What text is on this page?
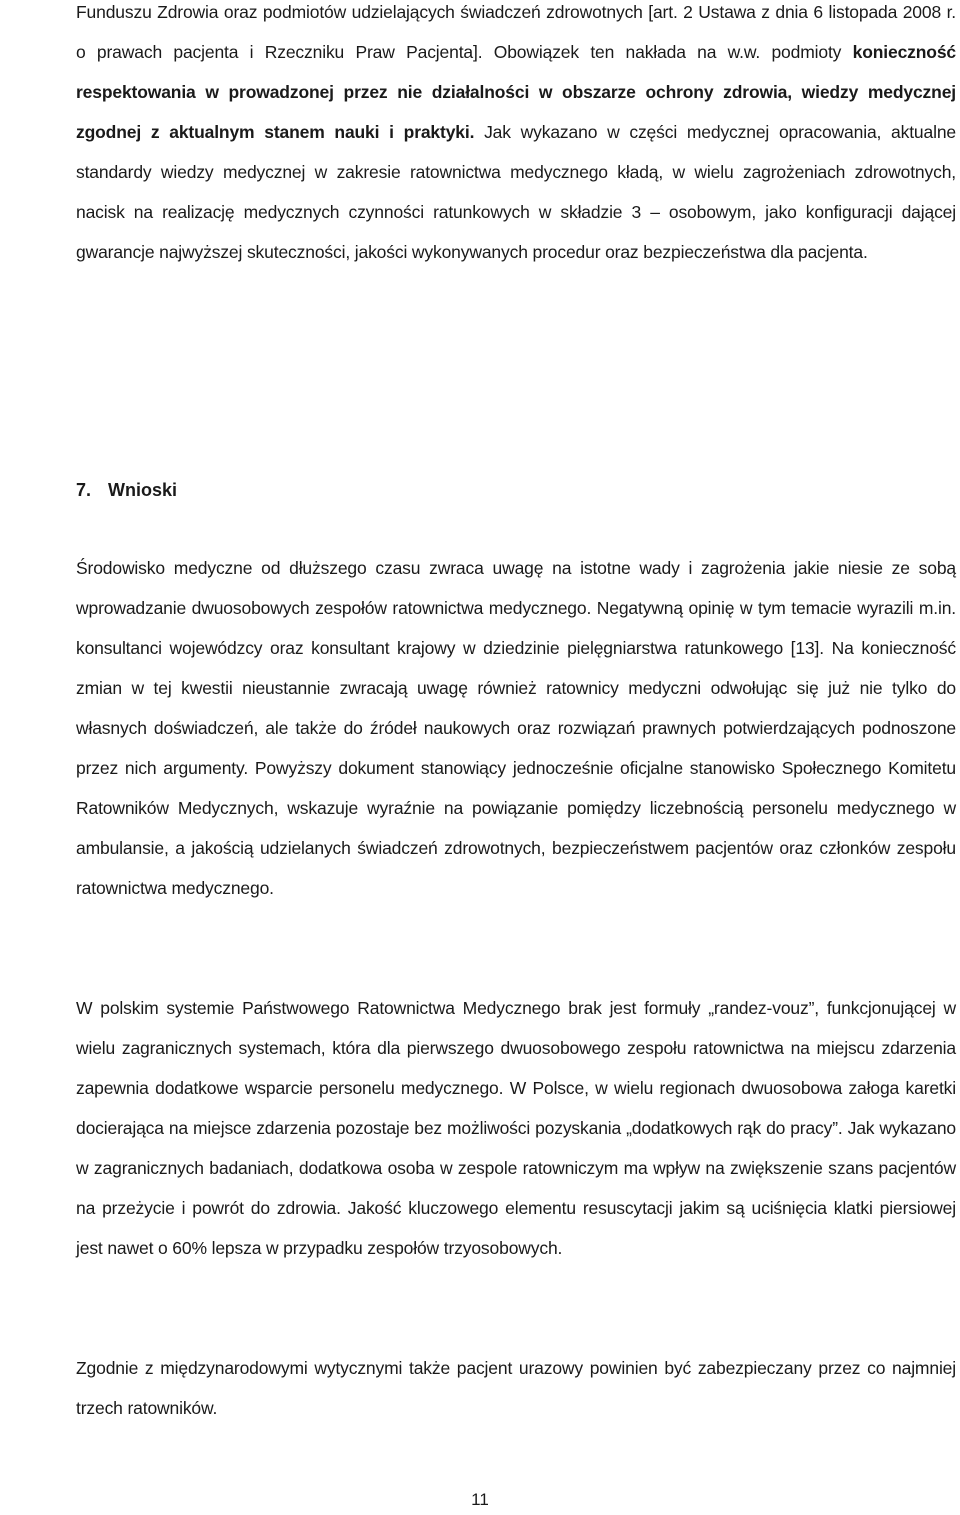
Funduszu Zdrowia oraz podmiotów udzielających świadczeń zdrowotnych [art. 2 Ustawa z dnia 6 listopada 2008 r. o prawach pacjenta i Rzeczniku Praw Pacjenta]. Obowiązek ten nakłada na w.w. podmioty konieczność respektowania w prowadzonej przez nie działalności w obszarze ochrony zdrowia, wiedzy medycznej zgodnej z aktualnym stanem nauki i praktyki. Jak wykazano w części medycznej opracowania, aktualne standardy wiedzy medycznej w zakresie ratownictwa medycznego kładą, w wielu zagrożeniach zdrowotnych, nacisk na realizację medycznych czynności ratunkowych w składzie 3 – osobowym, jako konfiguracji dającej gwarancje najwyższej skuteczności, jakości wykonywanych procedur oraz bezpieczeństwa dla pacjenta.

7. Wnioski

Środowisko medyczne od dłuższego czasu zwraca uwagę na istotne wady i zagrożenia jakie niesie ze sobą wprowadzanie dwuosobowych zespołów ratownictwa medycznego. Negatywną opinię w tym temacie wyrazili m.in. konsultanci wojewódzcy oraz konsultant krajowy w dziedzinie pielęgniarstwa ratunkowego [13]. Na konieczność zmian w tej kwestii nieustannie zwracają uwagę również ratownicy medyczni odwołując się już nie tylko do własnych doświadczeń, ale także do źródeł naukowych oraz rozwiązań prawnych potwierdzających podnoszone przez nich argumenty. Powyższy dokument stanowiący jednocześnie oficjalne stanowisko Społecznego Komitetu Ratowników Medycznych, wskazuje wyraźnie na powiązanie pomiędzy liczebnością personelu medycznego w ambulansie, a jakością udzielanych świadczeń zdrowotnych, bezpieczeństwem pacjentów oraz członków zespołu ratownictwa medycznego.

W polskim systemie Państwowego Ratownictwa Medycznego brak jest formuły „randez-vouz”, funkcjonującej w wielu zagranicznych systemach, która dla pierwszego dwuosobowego zespołu ratownictwa na miejscu zdarzenia zapewnia dodatkowe wsparcie personelu medycznego. W Polsce, w wielu regionach dwuosobowa załoga karetki docierająca na miejsce zdarzenia pozostaje bez możliwości pozyskania „dodatkowych rąk do pracy”. Jak wykazano w zagranicznych badaniach, dodatkowa osoba w zespole ratowniczym ma wpływ na zwiększenie szans pacjentów na przeżycie i powrót do zdrowia. Jakość kluczowego elementu resuscytacji jakim są uciśnięcia klatki piersiowej jest nawet o 60% lepsza w przypadku zespołów trzyosobowych.

Zgodnie z międzynarodowymi wytycznymi także pacjent urazowy powinien być zabezpieczany przez co najmniej trzech ratowników.

11
